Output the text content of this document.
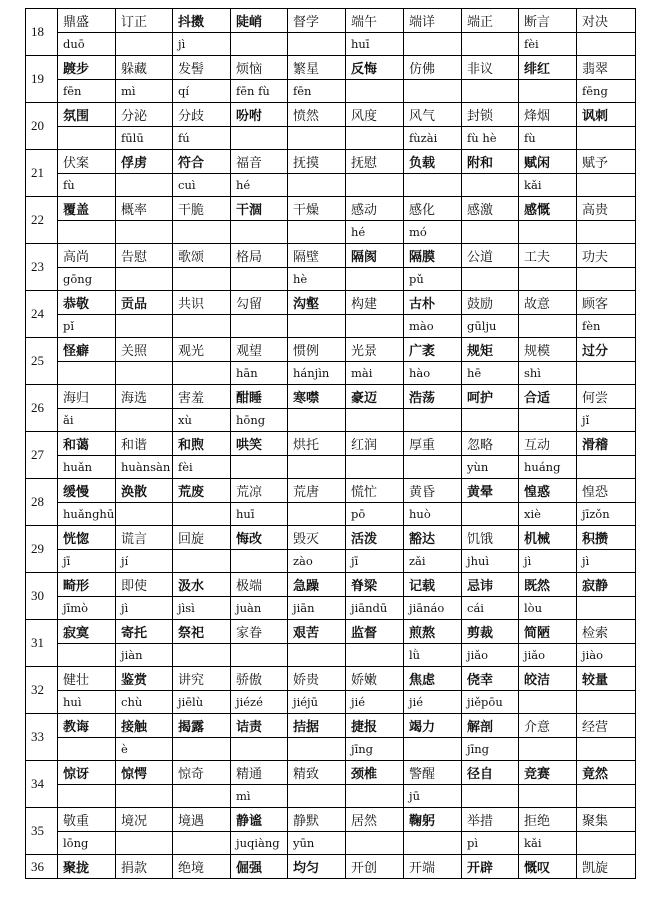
18	鼎盛	订正	抖擞	陡峭	督学	端午	端详	端正	断言	对决
	duō		jì			huī			fèi	
19	踱步	躲藏	发髻	烦恼	繁星	反悔	仿佛	非议	绯红	翡翠
	fēn	mì	qí	fēn fù	fēn					fēng
20	氛围	分泌	分歧	吩咐	愤然	风度	风气	封锁	烽烟	讽刺
		fūlū	fú				fùzài	fù hè	fù	
21	伏案	俘虏	符合	福音	抚摸	抚慰	负载	附和	赋闲	赋予
	fù		cuì	hé					kǎi	
22	覆盖	概率	干脆	干涸	干燥	感动	感化	感激	感慨	高贵
						hé	mó			
23	高尚	告慰	歌颂	格局	隔壁	隔阂	隔膜	公道	工夫	功夫
	gōng				hè		pǔ			
24	恭敬	贡品	共识	勾留	沟壑	构建	古朴	鼓励	故意	顾客
	pǐ						mào	gūlju		fèn
25	怪癖	关照	观光	观望	惯例	光景	广袤	规矩	规模	过分
				hān	hánjìn	mài	hào	hē	shì	
26	海归	海选	害羞	酣睡	寒噤	豪迈	浩荡	呵护	合适	何尝
	ǎi		xù	hōng						jǐ
27	和蔼	和谐	和煦	哄笑	烘托	红润	厚重	忽略	互动	滑稽
	huǎn	huànsàn	fèi					yùn	huáng	
28	缓慢	涣散	荒废	荒凉	荒唐	慌忙	黄昏	黄晕	惶惑	惶恐
	huǎnghū			huī		pō	huò		xiè	jīzǒn
29	恍惚	谎言	回旋	悔改	毁灭	活泼	豁达	饥饿	机械	积攒
	jī	jí			zào	jī	zǎi	jhuì	jì	jì
30	畸形	即使	汲水	极端	急躁	脊梁	记载	忌讳	既然	寂静
	jīmò	jì	jìsì	juàn	jiān	jiāndū	jiānáo	cái	lòu	
31	寂寞	寄托	祭祀	家眷	艰苦	监督	煎熬	剪裁	简陋	检索
		jiàn					lǜ	jiǎo	jiǎo	jiào
32	健壮	鉴赏	讲究	骄傲	娇贵	娇嫩	焦虑	侥幸	皎洁	较量
	huì	chù	jiēlù	jiézé	jiéjū	jié	jié	jiěpōu		
33	教诲	接触	揭露	诘责	拮据	捷报	竭力	解剖	介意	经营
		è				jīng		jīng		
34	惊讶	惊愕	惊奇	精通	精致	颈椎	警醒	径自	竞赛	竟然
				mì			jū			
35	敬重	境况	境遇	静谧	静默	居然	鞠躬	举措	拒绝	聚集
	lōng			juqiàng	yūn			pì	kǎi	
36	聚拢	捐款	绝境	倔强	均匀	开创	开端	开辟	慨叹	凯旋
